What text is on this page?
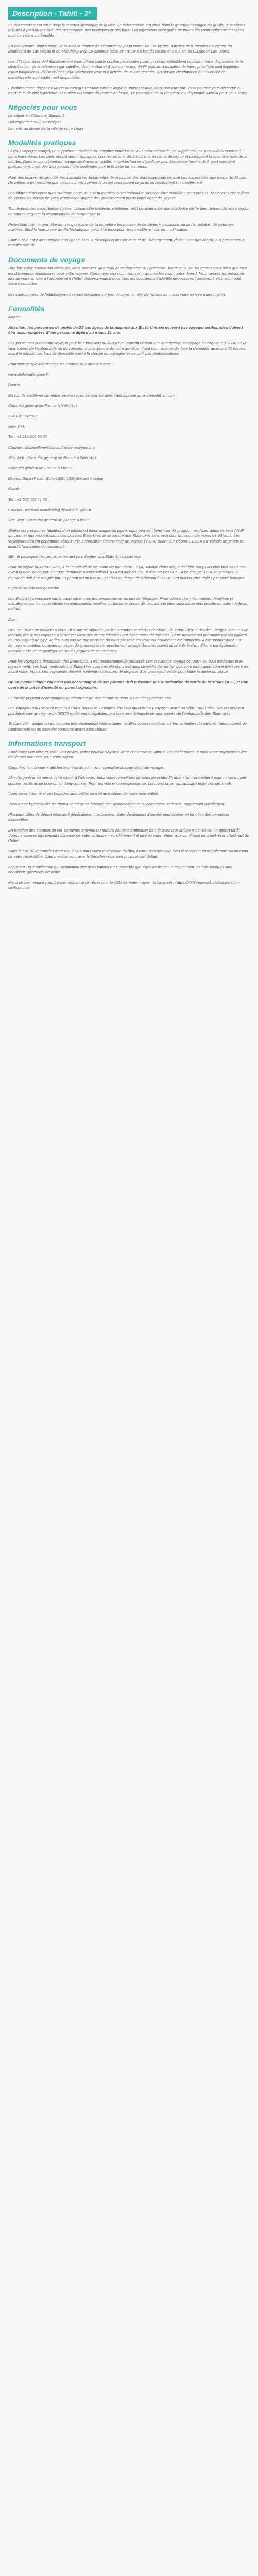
Description - Tahiti - 3*

Le débarcadère est situé dans le quartier historique de la ville. Le débarcadère est situé dans le quartier historique de la ville, à quelques minutes à pied du marché, des restaurants, des boutiques et des bars. Les logements sont dotés de toutes les commodités nécessaires pour un séjour confortable.

En choisissant Tahiti Resort, vous avez la chance de séjourner en plein centre de Las Vegas, à moins de 5 minutes en voiture du Boulevard de Las Vegas et du Mandalay Bay. Ce superbe hôtel se trouve à 5 km du casino et à 6,5 km du Casino of Las Vegas.

Les 174 chambres de l'établissement vous offrent tout le confort nécessaire pour un séjour agréable et reposant. Vous disposerez de la climatisation, de la télévision par satellite, d'un minibar et d'une connexion Wi-Fi gratuite. Les salles de bains privatives sont équipées d'une baignoire ou d'une douche, d'un sèche-cheveux et d'articles de toilette gratuits. Un service de chambre et un service de blanchisserie sont également disponibles.

L'établissement dispose d'un restaurant qui sert une cuisine locale et internationale, ainsi que d'un bar. Vous pourrez vous détendre au bord de la piscine extérieure ou profiter du centre de remise en forme. Le personnel de la réception est disponible 24h/24 pour vous aider.

Négociés pour vous

Le séjour en Chambre Standard

Hébergement seul, sans repas

Les vols au départ de la ville de votre choix

Modalités pratiques

Si vous voyagez seul(e), un supplément tarifaire en chambre individuelle vous sera demandé, ce supplément sera calculé directement dans votre devis. Les tarifs enfant seront appliqués pour les enfants de 2 à 12 ans au cours du séjour et partageant la chambre avec deux adultes. Dans le cas où l'enfant voyage seul avec un adulte, le tarif enfant ne s'applique pas. Les bébés (moins de 2 ans) voyagent gratuitement, mais des frais peuvent être appliqués pour le lit bébé ou les repas.

Pour des raisons de sécurité, les installations de bien-être de la plupart des établissements ne sont pas accessibles aux moins de 16 ans. De même, il est possible que certains aménagements ou services soient payants ou nécessitent un supplément.

Les informations contenues sur cette page vous sont fournies à titre indicatif et peuvent être modifiées sans préavis. Nous vous conseillons de vérifier les détails de votre réservation auprès de l'établissement ou de votre agent de voyage.

Tout événement exceptionnel (grève, catastrophe naturelle, épidémie, etc.) pouvant avoir une incidence sur le déroulement de votre séjour ne saurait engager la responsabilité de l'organisateur.

Perfectday.com ne peut être tenu responsable de la fermeture temporaire de certaines installations ou de l'annulation de certaines activités. Seul le fournisseur de Perfectday.com peut être tenu pour responsable en cas de modification.

Sauf si cela est expressément mentionné dans la description des services et de l'hébergement, l'hôtel n'est pas adapté aux personnes à mobilité réduite.

Documents de voyage

Une fois votre réservation effectuée, vous recevrez un e-mail de confirmation qui précisera l'heure et le lieu de rendez-vous ainsi que tous les documents nécessaires pour votre voyage. Conservez ces documents et imprimez-les avant votre départ. Vous devrez les présenter lors de votre arrivée à l'aéroport et à l'hôtel. Assurez-vous d'avoir tous les documents d'identité nécessaires (passeport, visa, etc.) pour votre destination.

Les coordonnées de l'établissement seront précisées sur vos documents, afin de faciliter au mieux votre arrivée à destination.

Formalités

Arrivée

Attention, les personnes de moins de 25 ans âgées de la majorité aux États-Unis ne peuvent pas voyager seules, elles doivent être accompagnées d'une personne âgée d'au moins 21 ans.

Les personnes souhaitant voyager pour leur tourisme ou leur travail doivent obtenir une autorisation de voyage électronique (ESTA) ou un visa auprès de l'ambassade ou du consulat le plus proche de votre domicile. Il est recommandé de faire la demande au moins 72 heures avant le départ. Les frais de demande sont à la charge du voyageur et ne sont pas remboursables.

Pour plus simple information, se reporter aux sites suivants :

www.diplomatie.gouv.fr

Ariane

En cas de problème sur place, veuillez prendre contact avec l'ambassade ou le consulat suivant :

Consulat général de France à New York

934 Fifth avenue

New York

Tel : +1 212 606 36 00

Courriel : chancellerie@consulfrance-newyork.org

Site Web : Consulat général de France à New York

Consulat général de France à Miami

Espirito Santo Plaza, Suite 1050, 1395 Brickell Avenue

Miami

Tel : +1 305 403 41 50

Courriel : francais.miami-fslt@diplomatie.gouv.fr

Site Web : Consulat général de France à Miami

Seules les personnes titulaires d'un passeport électronique ou biométrique peuvent bénéficier du programme d'exemption de visa (VWP) qui permet aux ressortissants français des États-Unis de se rendre aux États-Unis sans visa pour un séjour de moins de 90 jours. Les voyageurs doivent cependant obtenir une autorisation électronique de voyage (ESTA) avant leur départ. L'ESTA est valable deux ans ou jusqu'à l'expiration du passeport.

NB : le passeport d'urgence ne permet pas d'entrer aux États-Unis sans visa.

Pour un séjour aux États-Unis, il est impératif de se munir de formulaire ESTA. Valable deux ans, il doit être rempli au plus tard 72 heures avant la date de départ. Chaque demande d'autorisation ESTA est individuelle, il n'existe pas d'ESTA de groupe. Pour les mineurs, la demande doit être remplie par un parent ou un tuteur. Les frais de demande s'élèvent à 21 USD et doivent être réglés par carte bancaire.

https://esta.cbp.dhs.gov/esta/

Les États-Unis imposent par la vaccination pour les personnes provenant de l'étranger. Pour obtenir des informations détaillées et actualisées sur les vaccinations recommandées, veuillez contacter le centre de vaccination internationale le plus proche ou votre médecin traitant.

Zika :

Des cas isolés de maladie à virus Zika ont été signalés par les autorités sanitaires de Miami, de Porto Rico et des îles Vierges. Des cas de maladie liée à des voyages à l'étranger dans des zones infectées ont également été signalés. Cette maladie est transmise par les piqûres de moustiques de type Aedes. Des cas de transmission du virus par voie sexuelle ont également été rapportés. Il est recommandé aux femmes enceintes, ou ayant un projet de grossesse, de reporter leur voyage dans les zones où circule le virus Zika. Il est également recommandé de se protéger contre les piqûres de moustiques.

Pour les voyages à destination des États-Unis, il est recommandé de souscrire une assurance voyage couvrant les frais médicaux et le rapatriement. Les frais médicaux aux États-Unis sont très élevés. Il est donc conseillé de vérifier que votre assurance couvre bien ces frais avant votre départ. Les voyageurs doivent également s'assurer de disposer d'un passeport valide pour toute la durée du séjour.

Un voyageur mineur qui n'est pas accompagné de ses parents doit présenter une autorisation de sortie du territoire (AST) et une copie de la pièce d'identité du parent signataire.

La famille pouvant accompagner un détenteur de visa certaines dans les années précédentes.

Les voyageurs qui se sont rendus à Cuba depuis le 12 janvier 2021 ou qui doivent y voyager avant un séjour aux États-Unis ne peuvent pas bénéficier du régime de l'ESTA et doivent obligatoirement faire une demande de visa auprès de l'ambassade des États-Unis.

Si votre vol implique un transit avec une destination intermédiaire, veuillez vous renseigner sur les formalités du pays de transit auprès de l'ambassade ou du consulat concerné avant votre départ.

Informations transport

Choisissez une offre et selon vos envies, optez pour un séjour à votre convenance. Affinez vos préférences et nous vous proposerons les meilleures solutions pour votre séjour.

Consultez la rubrique « afficher les infos de vol » pour connaître chaque détail de voyage.

Afin d'organiser au mieux votre séjour à l'aéroport, nous vous conseillons de vous présenter 2h avant l'embarquement pour un vol moyen-courrier ou 3h avant pour un vol long-courrier. Pour les vols en correspondance, prévoyez un temps suffisant entre vos deux vols.

Vous serez informé si vos bagages sont inclus ou non au moment de votre réservation.

Vous aurez la possibilité de choisir un siège en fonction des disponibilités de la compagnie aérienne, moyennant supplément.

Plusieurs villes de départ vous sont généralement proposées. Votre destination d'arrivée peut différer en fonction des aéroports disponibles.

En fonction des horaires de vol, certaines arrivées ou retours peuvent s'effectuer de nuit avec une arrivée matinale ou un départ tardif. Vous ne pourrez pas toujours disposer de votre chambre immédiatement et devrez vous référer aux conditions de check-in et check-out de l'hôtel.

Dans le cas où le transfert n'est pas inclus dans votre réservation d'hôtel, il vous sera possible d'en réserver un en supplément au moment de votre réservation. Sauf mention contraire, le transfert vous sera proposé par défaut.

Important : la modification ou l'annulation des réservations n'est possible que dans les limites et moyennant les frais indiqués aux conditions générales de vente.

Merci de bien vouloir prendre connaissance de l'émission de CO2 de votre moyen de transport : https://XXXXeco-calculateur.aviation-civile.gouv.fr
